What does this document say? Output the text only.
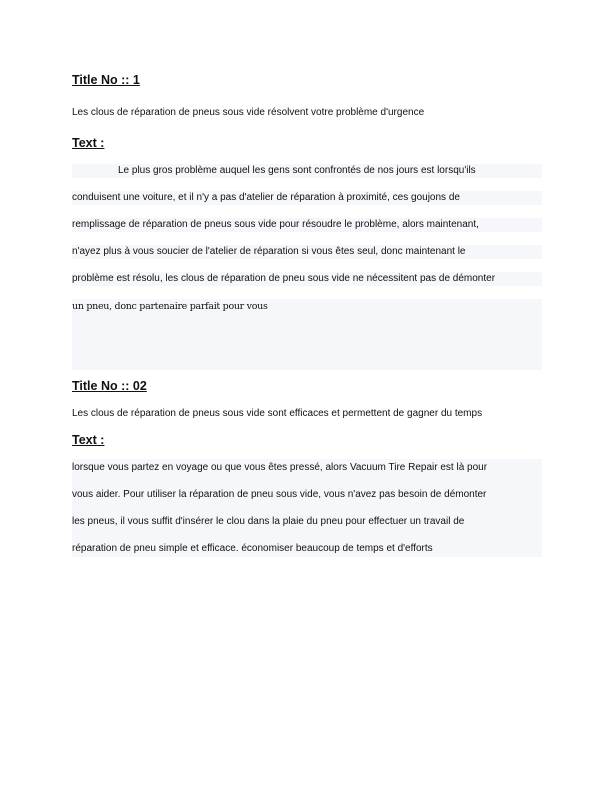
Title No :: 1
Les clous de réparation de pneus sous vide résolvent votre problème d'urgence
Text :
Le plus gros problème auquel les gens sont confrontés de nos jours est lorsqu'ils
conduisent une voiture, et il n'y a pas d'atelier de réparation à proximité, ces goujons de
remplissage de réparation de pneus sous vide pour résoudre le problème, alors maintenant,
n'ayez plus à vous soucier de l'atelier de réparation si vous êtes seul, donc maintenant le
problème est résolu, les clous de réparation de pneu sous vide ne nécessitent pas de démonter
un pneu, donc partenaire parfait pour vous
Title No :: 02
Les clous de réparation de pneus sous vide sont efficaces et permettent de gagner du temps
Text :
lorsque vous partez en voyage ou que vous êtes pressé, alors Vacuum Tire Repair est là pour
vous aider. Pour utiliser la réparation de pneu sous vide, vous n'avez pas besoin de démonter
les pneus, il vous suffit d'insérer le clou dans la plaie du pneu pour effectuer un travail de
réparation de pneu simple et efficace. économiser beaucoup de temps et d'efforts
